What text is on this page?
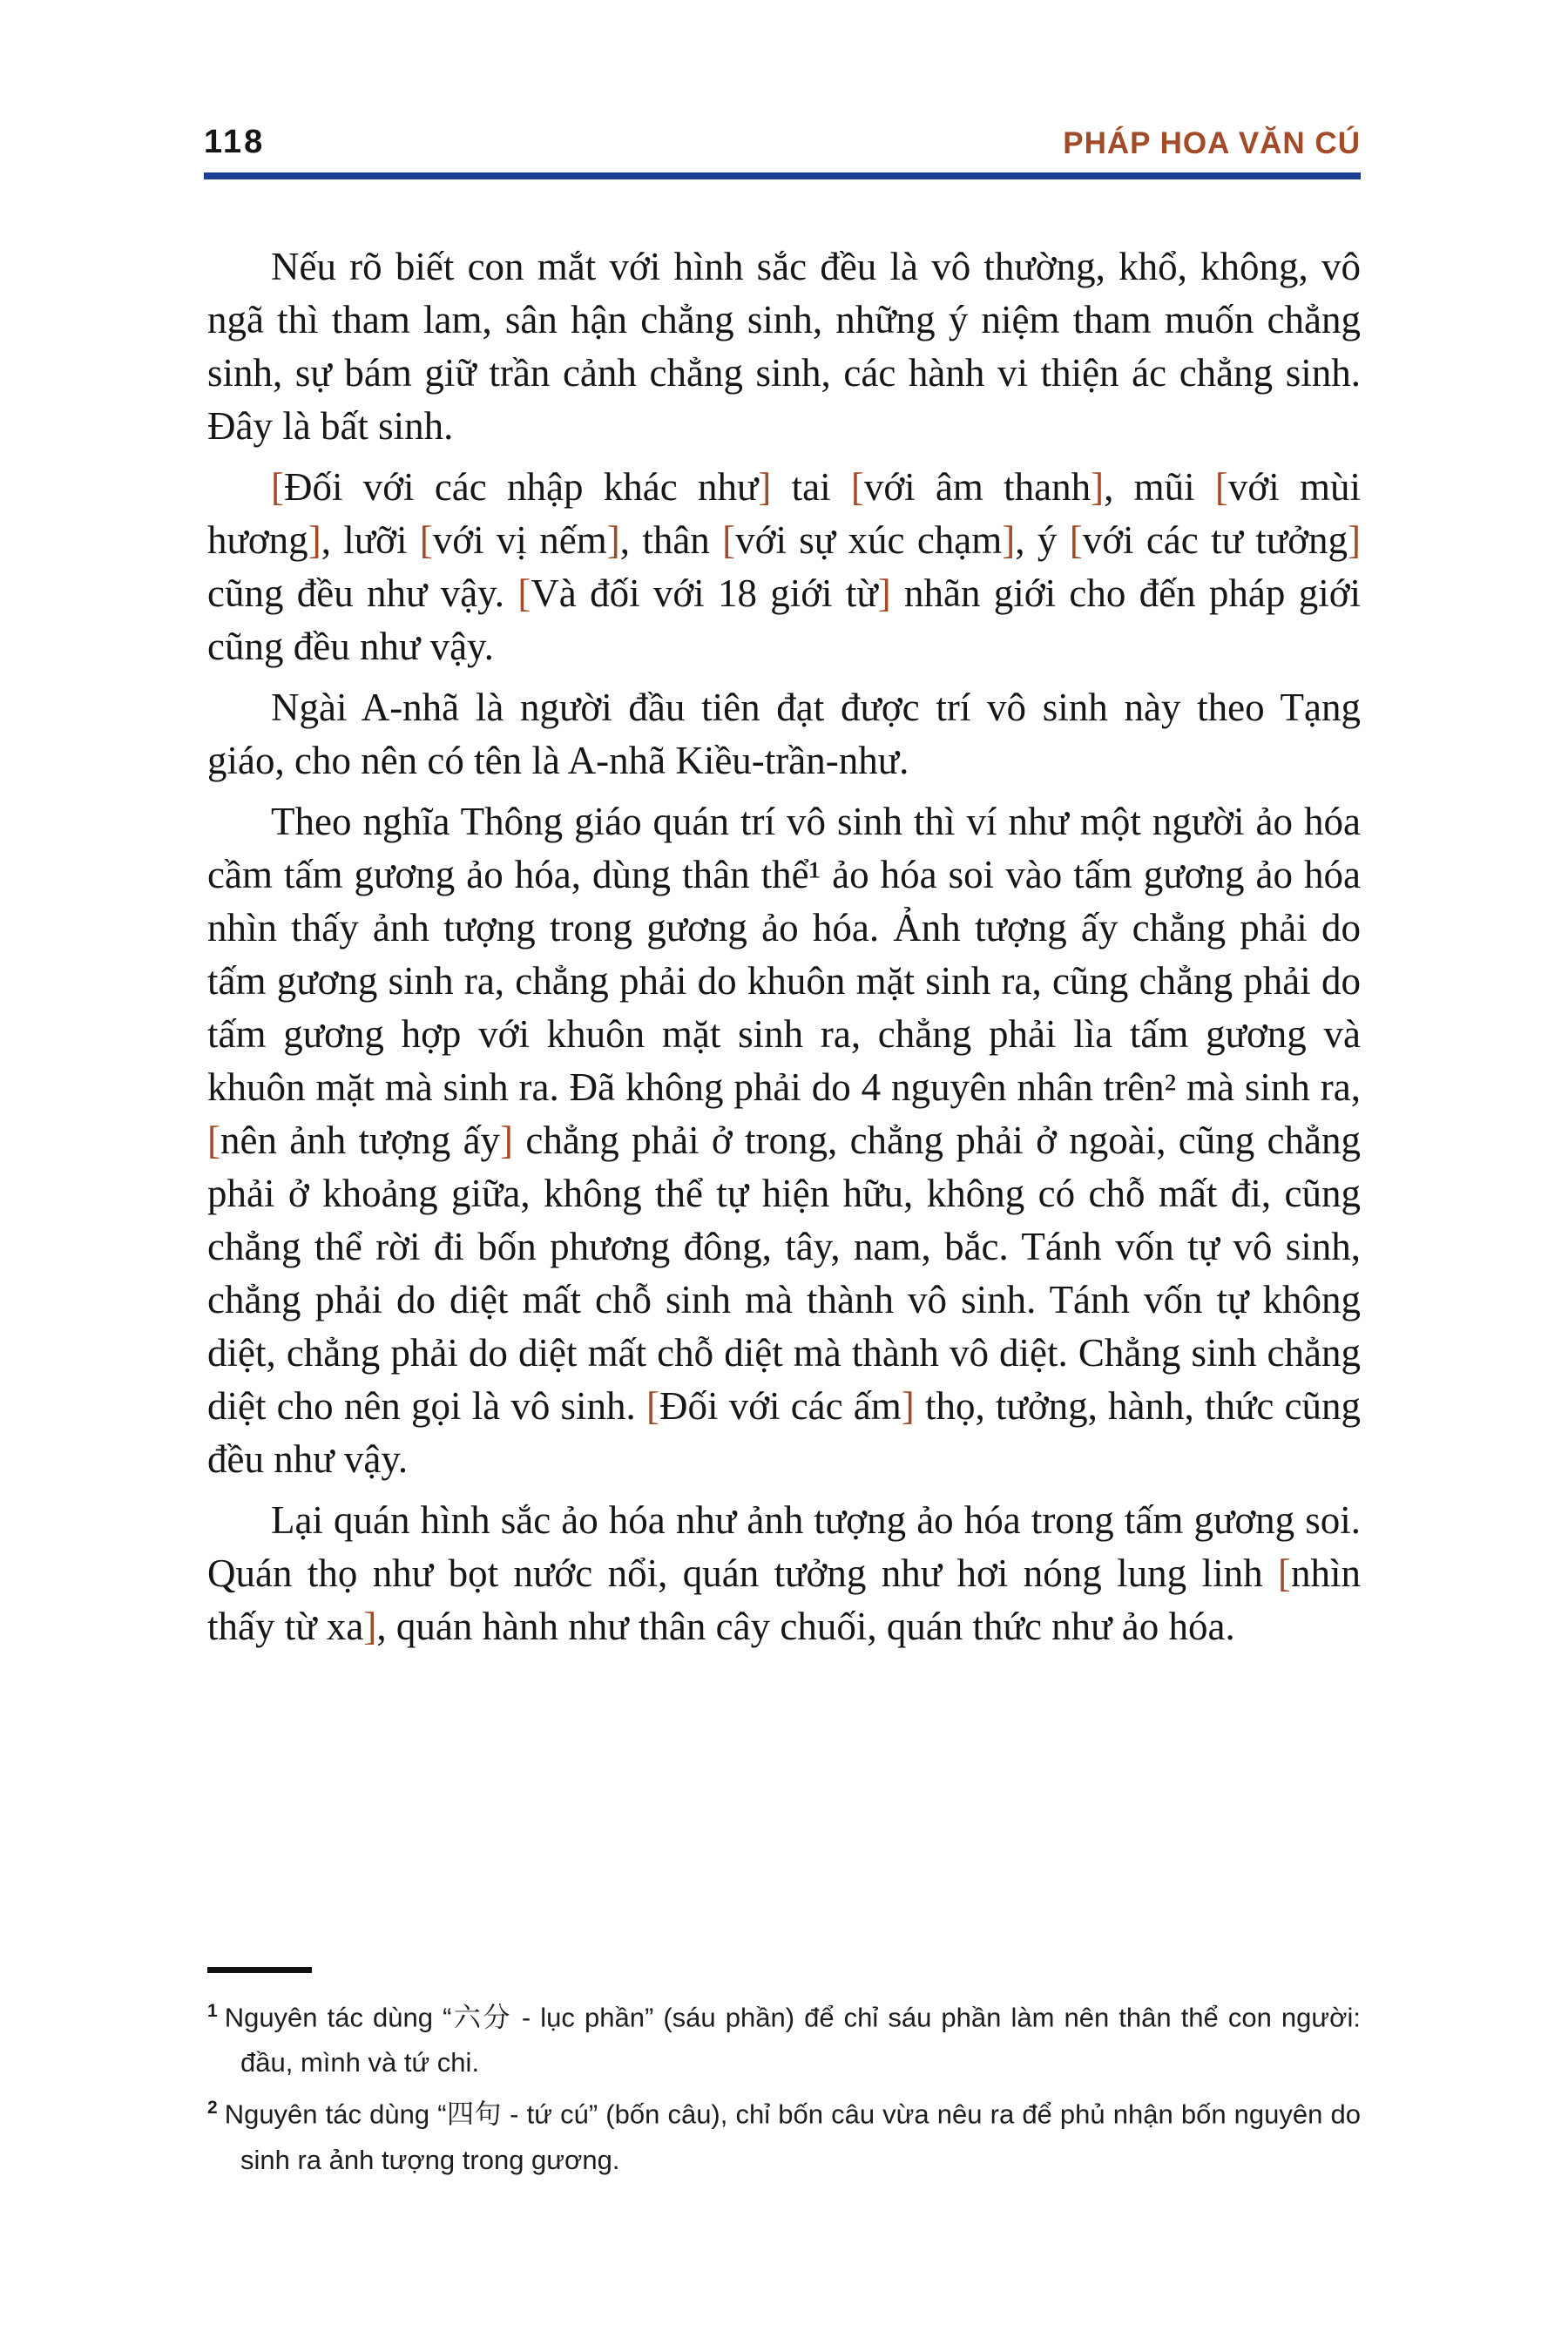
118	PHÁP HOA VĂN CÚ

Nếu rõ biết con mắt với hình sắc đều là vô thường, khổ, không, vô ngã thì tham lam, sân hận chẳng sinh, những ý niệm tham muốn chẳng sinh, sự bám giữ trần cảnh chẳng sinh, các hành vi thiện ác chẳng sinh. Đây là bất sinh.

[Đối với các nhập khác như] tai [với âm thanh], mũi [với mùi hương], lưỡi [với vị nếm], thân [với sự xúc chạm], ý [với các tư tưởng] cũng đều như vậy. [Và đối với 18 giới từ] nhãn giới cho đến pháp giới cũng đều như vậy.

Ngài A-nhã là người đầu tiên đạt được trí vô sinh này theo Tạng giáo, cho nên có tên là A-nhã Kiều-trần-như.

Theo nghĩa Thông giáo quán trí vô sinh thì ví như một người ảo hóa cầm tấm gương ảo hóa, dùng thân thể¹ ảo hóa soi vào tấm gương ảo hóa nhìn thấy ảnh tượng trong gương ảo hóa. Ảnh tượng ấy chẳng phải do tấm gương sinh ra, chẳng phải do khuôn mặt sinh ra, cũng chẳng phải do tấm gương hợp với khuôn mặt sinh ra, chẳng phải lìa tấm gương và khuôn mặt mà sinh ra. Đã không phải do 4 nguyên nhân trên² mà sinh ra, [nên ảnh tượng ấy] chẳng phải ở trong, chẳng phải ở ngoài, cũng chẳng phải ở khoảng giữa, không thể tự hiện hữu, không có chỗ mất đi, cũng chẳng thể rời đi bốn phương đông, tây, nam, bắc. Tánh vốn tự vô sinh, chẳng phải do diệt mất chỗ sinh mà thành vô sinh. Tánh vốn tự không diệt, chẳng phải do diệt mất chỗ diệt mà thành vô diệt. Chẳng sinh chẳng diệt cho nên gọi là vô sinh. [Đối với các ấm] thọ, tưởng, hành, thức cũng đều như vậy.

Lại quán hình sắc ảo hóa như ảnh tượng ảo hóa trong tấm gương soi. Quán thọ như bọt nước nổi, quán tưởng như hơi nóng lung linh [nhìn thấy từ xa], quán hành như thân cây chuối, quán thức như ảo hóa.

$^1$ Nguyên tác dùng “六分 - lục phần” (sáu phần) để chỉ sáu phần làm nên thân thể con người: đầu, mình và tứ chi.

$^2$ Nguyên tác dùng “四句 - tứ cú” (bốn câu), chỉ bốn câu vừa nêu ra để phủ nhận bốn nguyên do sinh ra ảnh tượng trong gương.
